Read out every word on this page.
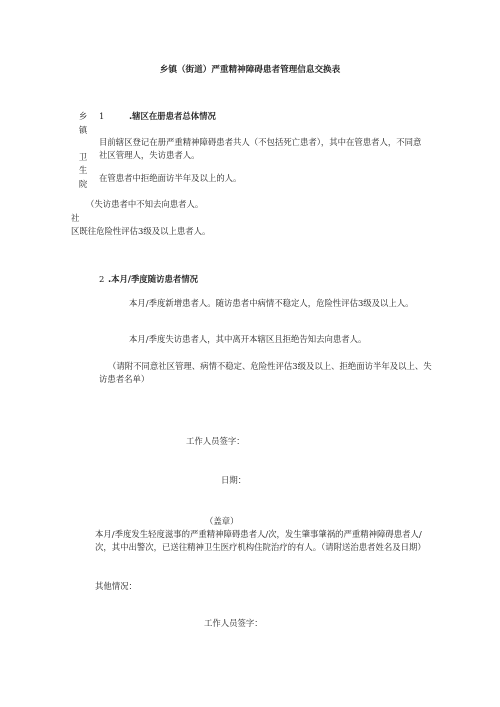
乡镇（街道）严重精神障碍患者管理信息交换表
乡
镇

卫
生
院
1	.辖区在册患者总体情况
目前辖区登记在册严重精神障碍患者共人（不包括死亡患者），其中在管患者人，不同意社区管理人，失访患者人。
在管患者中拒绝面访半年及以上的人。
（失访患者中不知去向患者人。
社
区既往危险性评估3级及以上患者人。
2 .本月/季度随访患者情况
本月/季度新增患者人。随访患者中病情不稳定人，危险性评估3级及以上人。
本月/季度失访患者人，其中离开本辖区且拒绝告知去向患者人。
（请附不同意社区管理、病情不稳定、危险性评估3级及以上、拒绝面访半年及以上、失访患者名单）
工作人员签字：
日期：
（盖章）
本月/季度发生轻度滋事的严重精神障碍患者人/次，发生肇事肇祸的严重精神障碍患者人/次，其中出警次，已送往精神卫生医疗机构住院治疗的有人。（请附送治患者姓名及日期）
其他情况：
工作人员签字：
